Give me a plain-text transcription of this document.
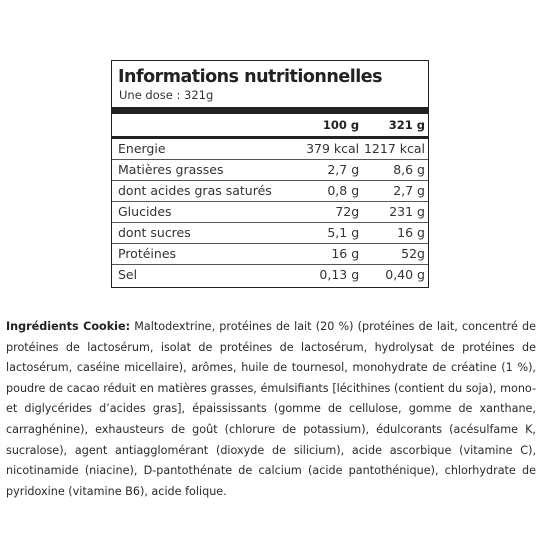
Informations nutritionnelles
Une dose : 321g
	100 g	321 g
Energie	379 kcal	1217 kcal
Matières grasses	2,7 g	8,6 g
dont acides gras saturés	0,8 g	2,7 g
Glucides	72g	231 g
dont sucres	5,1 g	16 g
Protéines	16 g	52g
Sel	0,13 g	0,40 g
Ingrédients Cookie: Maltodextrine, protéines de lait (20 %) (protéines de lait, concentré de protéines de lactosérum, isolat de protéines de lactosérum, hydrolysat de protéines de lactosérum, caséine micellaire), arômes, huile de tournesol, monohydrate de créatine (1 %), poudre de cacao réduit en matières grasses, émulsifiants [lécithines (contient du soja), mono- et diglycérides d’acides gras], épaississants (gomme de cellulose, gomme de xanthane, carraghénine), exhausteurs de goût (chlorure de potassium), édulcorants (acésulfame K, sucralose), agent antiagglomérant (dioxyde de silicium), acide ascorbique (vitamine C), nicotinamide (niacine), D-pantothénate de calcium (acide pantothénique), chlorhydrate de pyridoxine (vitamine B6), acide folique.
